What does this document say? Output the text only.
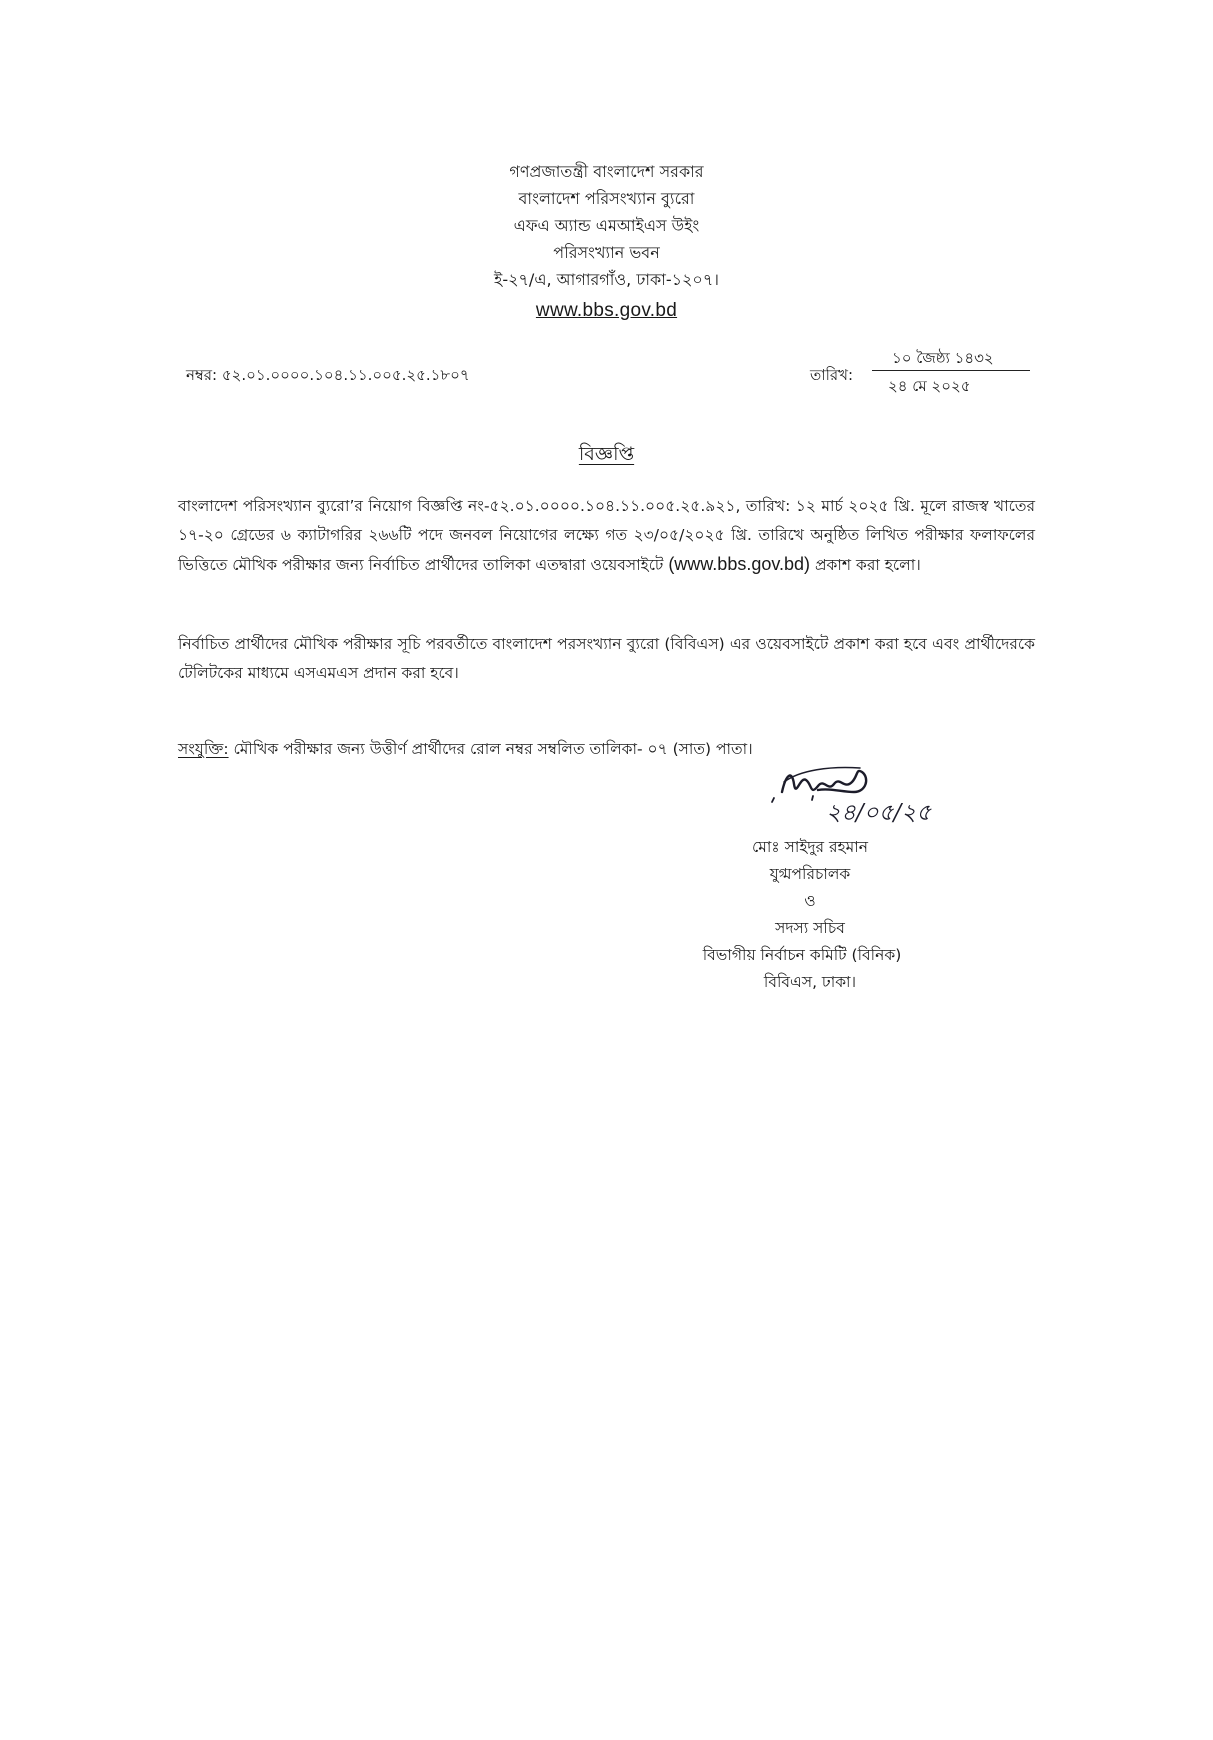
গণপ্রজাতন্ত্রী বাংলাদেশ সরকার
বাংলাদেশ পরিসংখ্যান ব্যুরো
এফএ অ্যান্ড এমআইএস উইং
পরিসংখ্যান ভবন
ই-২৭/এ, আগারগাঁও, ঢাকা-১২০৭।
www.bbs.gov.bd
নম্বর: ৫২.০১.০০০০.১০৪.১১.০০৫.২৫.১৮০৭	তারিখ:
১০ জৈষ্ঠ্য ১৪৩২
২৪ মে ২০২৫
বিজ্ঞপ্তি
বাংলাদেশ পরিসংখ্যান ব্যুরো’র নিয়োগ বিজ্ঞপ্তি নং-৫২.০১.০০০০.১০৪.১১.০০৫.২৫.৯২১, তারিখ: ১২ মার্চ ২০২৫ খ্রি. মূলে রাজস্ব খাতের ১৭-২০ গ্রেডের ৬ ক্যাটাগরির ২৬৬টি পদে জনবল নিয়োগের লক্ষ্যে গত ২৩/০৫/২০২৫ খ্রি. তারিখে অনুষ্ঠিত লিখিত পরীক্ষার ফলাফলের ভিত্তিতে মৌখিক পরীক্ষার জন্য নির্বাচিত প্রার্থীদের তালিকা এতদ্বারা ওয়েবসাইটে (www.bbs.gov.bd) প্রকাশ করা হলো।
নির্বাচিত প্রার্থীদের মৌখিক পরীক্ষার সূচি পরবর্তীতে বাংলাদেশ পরসংখ্যান ব্যুরো (বিবিএস) এর ওয়েবসাইটে প্রকাশ করা হবে এবং প্রার্থীদেরকে টেলিটকের মাধ্যমে এসএমএস প্রদান করা হবে।
সংযুক্তি: মৌখিক পরীক্ষার জন্য উত্তীর্ণ প্রার্থীদের রোল নম্বর সম্বলিত তালিকা- ০৭ (সাত) পাতা।
২৪/০৫/২৫
মোঃ সাইদুর রহমান
যুগ্মপরিচালক
ও
সদস্য সচিব
বিভাগীয় নির্বাচন কমিটি (বিনিক)
বিবিএস, ঢাকা।
